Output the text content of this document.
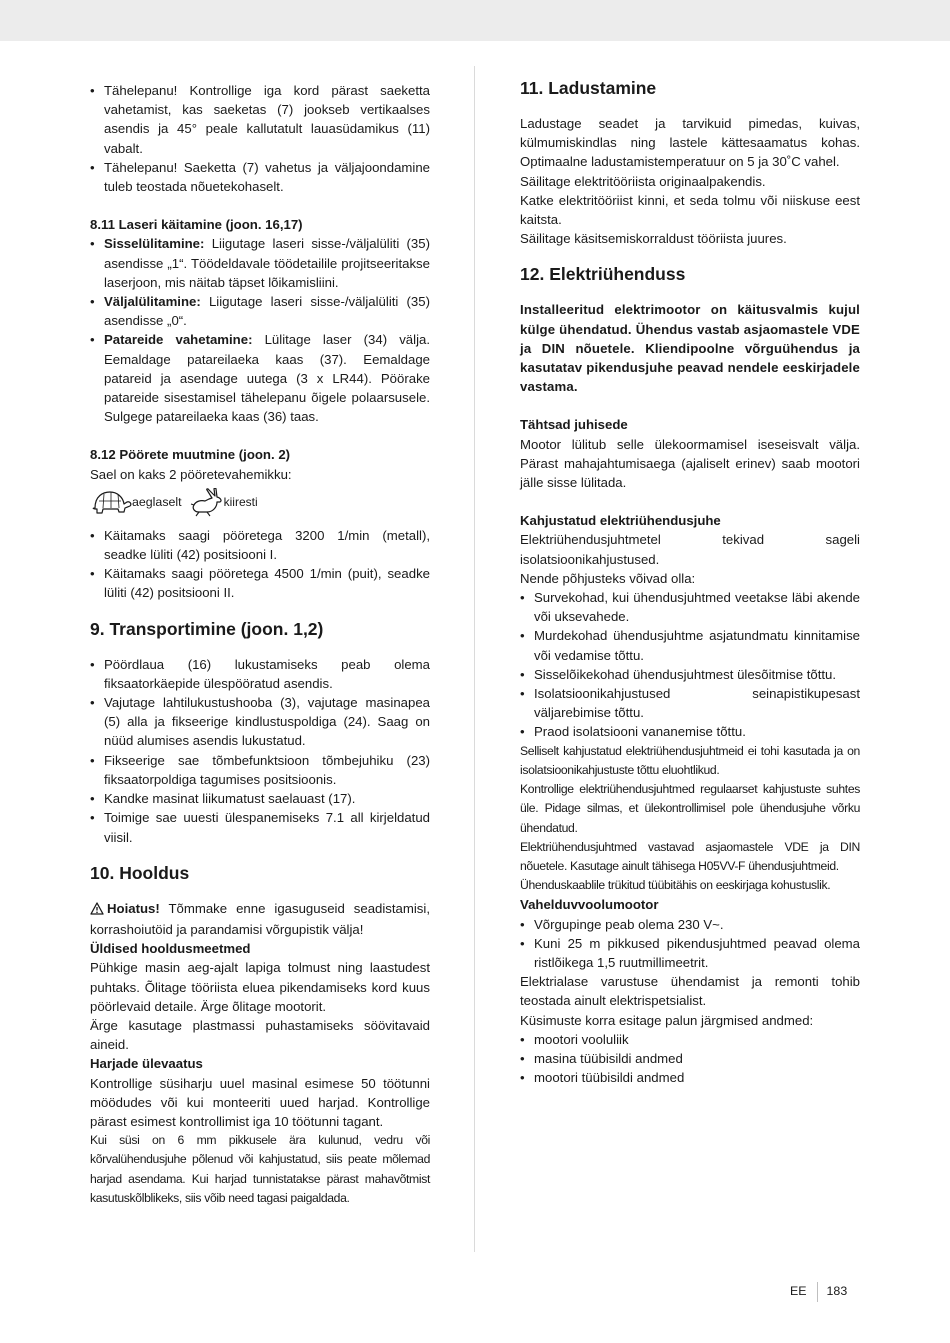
• Tähelepanu! Kontrollige iga kord pärast saeketta vahetamist, kas saeketas (7) jookseb vertikaalses asendis ja 45° peale kallutatult lauasüdamikus (11) vabalt.
• Tähelepanu! Saeketta (7) vahetus ja väljajoondamine tuleb teostada nõuetekohaselt.
8.11 Laseri käitamine (joon. 16,17)
• Sisselülitamine: Liigutage laseri sisse-/väljalüliti (35) asendisse „1“. Töödeldavale töödetailile projitseeritakse laserjoon, mis näitab täpset lõikamisliini.
• Väljalülitamine: Liigutage laseri sisse-/väljalüliti (35) asendisse „0“.
• Patareide vahetamine: Lülitage laser (34) välja. Eemaldage patareilaeka kaas (37). Eemaldage patareid ja asendage uutega (3 x LR44). Pöörake patareide sisestamisel tähelepanu õigele polaarsusele. Sulgege patareilaeka kaas (36) taas.
8.12 Pöörete muutmine (joon. 2)

Sael on kaks 2 pööretevahemikku:

aeglaselt	kiiresti
• Käitamaks saagi pööretega 3200 1/min (metall), seadke lüliti (42) positsiooni I.
• Käitamaks saagi pööretega 4500 1/min (puit), seadke lüliti (42) positsiooni II.
9. Transportimine (joon. 1,2)
• Pöördlaua (16) lukustamiseks peab olema fiksaatorkäepide ülespööratud asendis.
• Vajutage lahtilukustushooba (3), vajutage masinapea (5) alla ja fikseerige kindlustuspoldiga (24). Saag on nüüd alumises asendis lukustatud.
• Fikseerige sae tõmbefunktsioon tõmbejuhiku (23) fiksaatorpoldiga tagumises positsioonis.
• Kandke masinat liikumatust saelauast (17).
• Toimige sae uuesti ülespanemiseks 7.1 all kirjeldatud viisil.
10. Hooldus

Hoiatus! Tõmmake enne igasuguseid seadistamisi, korrashoiutöid ja parandamisi võrgupistik välja!

Üldised hooldusmeetmed

Pühkige masin aeg-ajalt lapiga tolmust ning laastudest puhtaks. Õlitage tööriista eluea pikendamiseks kord kuus pöörlevaid detaile. Ärge õlitage mootorit.

Ärge kasutage plastmassi puhastamiseks söövitavaid aineid.

Harjade ülevaatus

Kontrollige süsiharju uuel masinal esimese 50 töötunni möödudes või kui monteeriti uued harjad. Kontrollige pärast esimest kontrollimist iga 10 töötunni tagant.

Kui süsi on 6 mm pikkusele ära kulunud, vedru või kõrvalühendusjuhe põlenud või kahjustatud, siis peate mõlemad harjad asendama. Kui harjad tunnistatakse pärast mahavõtmist kasutuskõlblikeks, siis võib need tagasi paigaldada.

11. Ladustamine

Ladustage seadet ja tarvikuid pimedas, kuivas, külmumiskindlas ning lastele kättesaamatus kohas. Optimaalne ladustamistemperatuur on 5 ja 30˚C vahel.

Säilitage elektritööriista originaalpakendis.

Katke elektritööriist kinni, et seda tolmu või niiskuse eest kaitsta.

Säilitage käsitsemiskorraldust tööriista juures.

12. Elektriühenduss

Installeeritud elektrimootor on käitusvalmis kujul külge ühendatud. Ühendus vastab asjaomastele VDE ja DIN nõuetele. Kliendipoolne võrguühendus ja kasutatav pikendusjuhe peavad nendele eeskirjadele vastama.

Tähtsad juhisede

Mootor lülitub selle ülekoormamisel iseseisvalt välja. Pärast mahajahtumisaega (ajaliselt erinev) saab mootori jälle sisse lülitada.

Kahjustatud elektriühendusjuhe

Elektriühendusjuhtmetel tekivad sageli isolatsioonikahjustused.

Nende põhjusteks võivad olla:

• Survekohad, kui ühendusjuhtmed veetakse läbi akende või uksevahede.
• Murdekohad ühendusjuhtme asjatundmatu kinnitamise või vedamise tõttu.
• Sisselõikekohad ühendusjuhtmest ülesõitmise tõttu.
• Isolatsioonikahjustused seinapistikupesast väljarebimise tõttu.
• Praod isolatsiooni vananemise tõttu.

Selliselt kahjustatud elektriühendusjuhtmeid ei tohi kasutada ja on isolatsioonikahjustuste tõttu eluohtlikud.

Kontrollige elektriühendusjuhtmed regulaarset kahjustuste suhtes üle. Pidage silmas, et ülekontrollimisel pole ühendusjuhe võrku ühendatud.

Elektriühendusjuhtmed vastavad asjaomastele VDE ja DIN nõuetele. Kasutage ainult tähisega H05VV-F ühendusjuhtmeid.

Ühenduskaablile trükitud tüübitähis on eeskirjaga kohustuslik.

Vahelduvvoolumootor
• Võrgupinge peab olema 230 V~.
• Kuni 25 m pikkused pikendusjuhtmed peavad olema ristlõikega 1,5 ruutmillimeetrit.

Elektrialase varustuse ühendamist ja remonti tohib teostada ainult elektrispetsialist.

Küsimuste korra esitage palun järgmised andmed:

• mootori vooluliik
• masina tüübisildi andmed
• mootori tüübisildi andmed
EE 183
